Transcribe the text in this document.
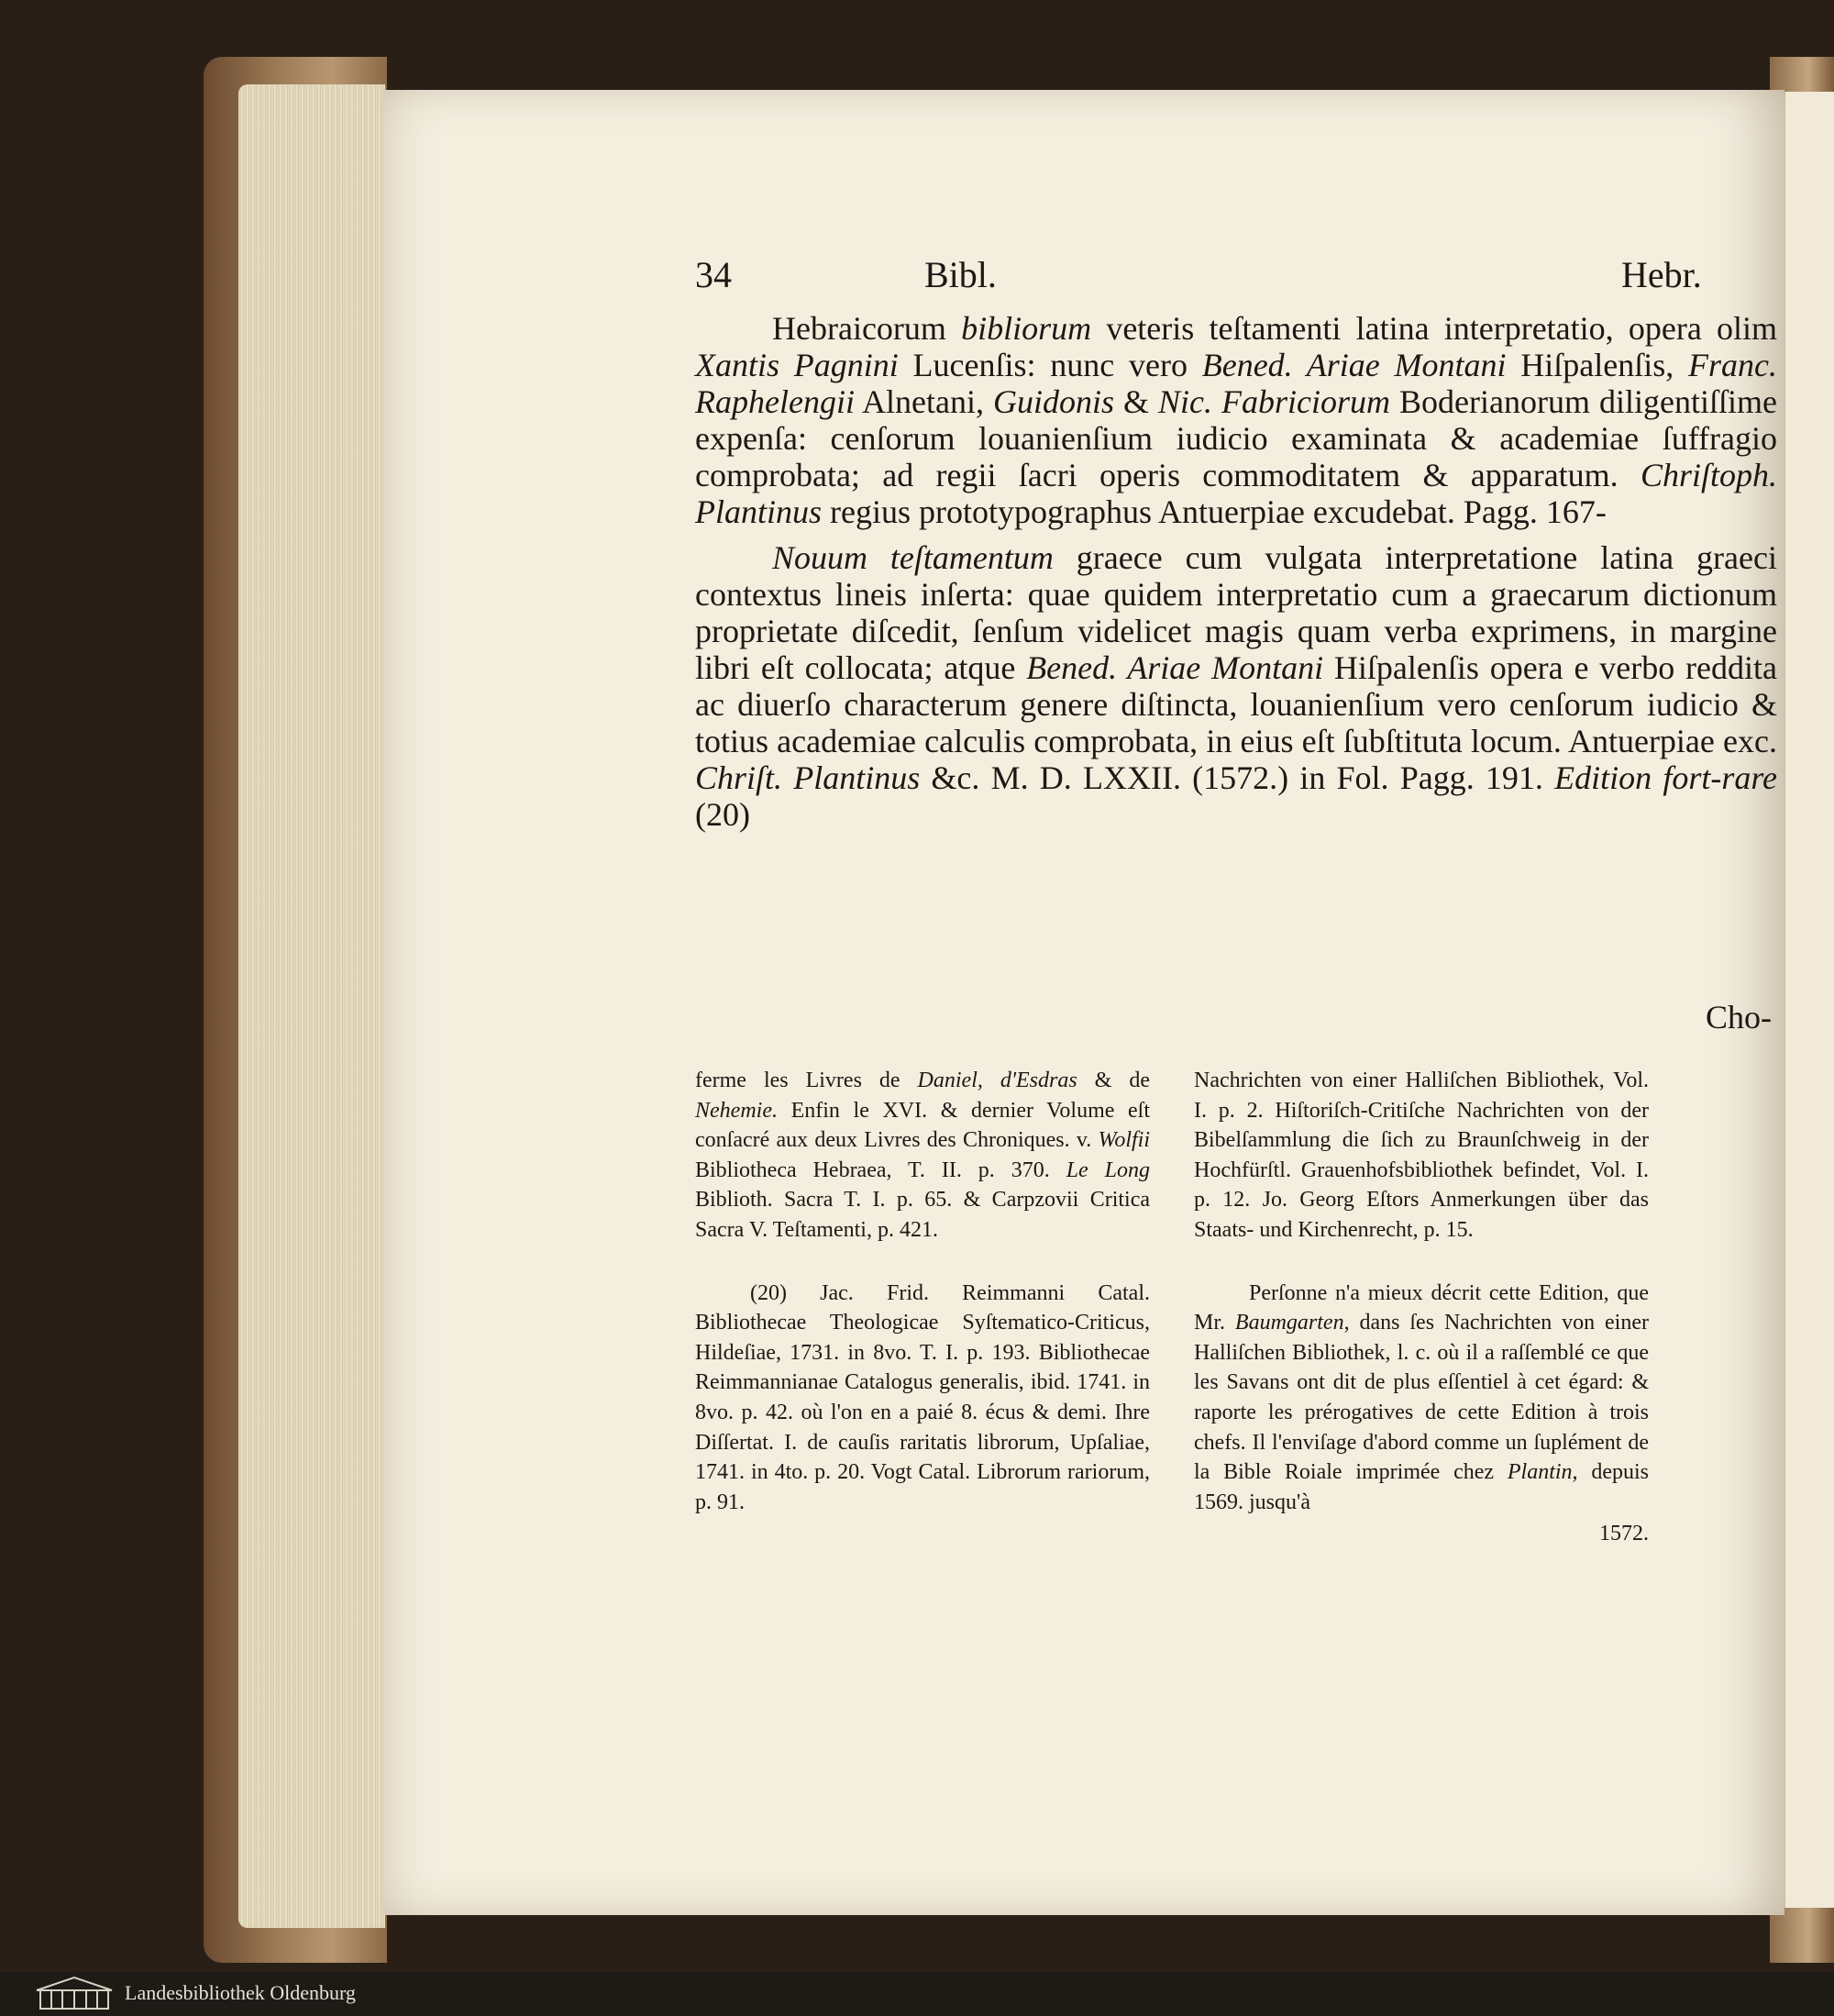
34	Bibl.	Hebr.

Hebraicorum bibliorum veteris teſtamenti latina interpretatio, opera olim Xantis Pagnini Lucenſis: nunc vero Bened. Ariae Montani Hiſpalenſis, Franc. Raphelengii Alnetani, Guidonis & Nic. Fabriciorum Boderianorum diligentiſſime expenſa: cenſorum louanienſium iudicio examinata & academiae ſuffragio comprobata; ad regii ſacri operis commoditatem & apparatum. Chriſtoph. Plantinus regius prototypographus Antuerpiae excudebat. Pagg. 167-

Nouum teſtamentum graece cum vulgata interpretatione latina graeci contextus lineis inſerta: quae quidem interpretatio cum a graecarum dictionum proprietate diſcedit, ſenſum videlicet magis quam verba exprimens, in margine libri eſt collocata; atque Bened. Ariae Montani Hiſpalenſis opera e verbo reddita ac diuerſo characterum genere diſtincta, louanienſium vero cenſorum iudicio & totius academiae calculis comprobata, in eius eſt ſubſtituta locum. Antuerpiae exc. Chriſt. Plantinus &c. M. D. LXXII. (1572.) in Fol. Pagg. 191. Edition fort-rare (20)

Cho-

ferme les Livres de Daniel, d'Esdras & de Nehemie. Enfin le XVI. & dernier Volume eſt conſacré aux deux Livres des Chroniques. v. Wolfii Bibliotheca Hebraea, T. II. p. 370. Le Long Biblioth. Sacra T. I. p. 65. & Carpzovii Critica Sacra V. Teſtamenti, p. 421.

(20) Jac. Frid. Reimmanni Catal. Bibliothecae Theologicae Syſtematico-Criticus, Hildeſiae, 1731. in 8vo. T. I. p. 193. Bibliothecae Reimmannianae Catalogus generalis, ibid. 1741. in 8vo. p. 42. où l'on en a paié 8. écus & demi. Ihre Diſſertat. I. de cauſis raritatis librorum, Upſaliae, 1741. in 4to. p. 20. Vogt Catal. Librorum rariorum, p. 91.

Nachrichten von einer Halliſchen Bibliothek, Vol. I. p. 2. Hiſtoriſch-Critiſche Nachrichten von der Bibelſammlung die ſich zu Braunſchweig in der Hochfürſtl. Grauenhofsbibliothek befindet, Vol. I. p. 12. Jo. Georg Eſtors Anmerkungen über das Staats- und Kirchenrecht, p. 15.

Perſonne n'a mieux décrit cette Edition, que Mr. Baumgarten, dans ſes Nachrichten von einer Halliſchen Bibliothek, l. c. où il a raſſemblé ce que les Savans ont dit de plus eſſentiel à cet égard: & raporte les prérogatives de cette Edition à trois chefs. Il l'enviſage d'abord comme un ſuplément de la Bible Roiale imprimée chez Plantin, depuis 1569. jusqu'à

1572.
Landesbibliothek Oldenburg
